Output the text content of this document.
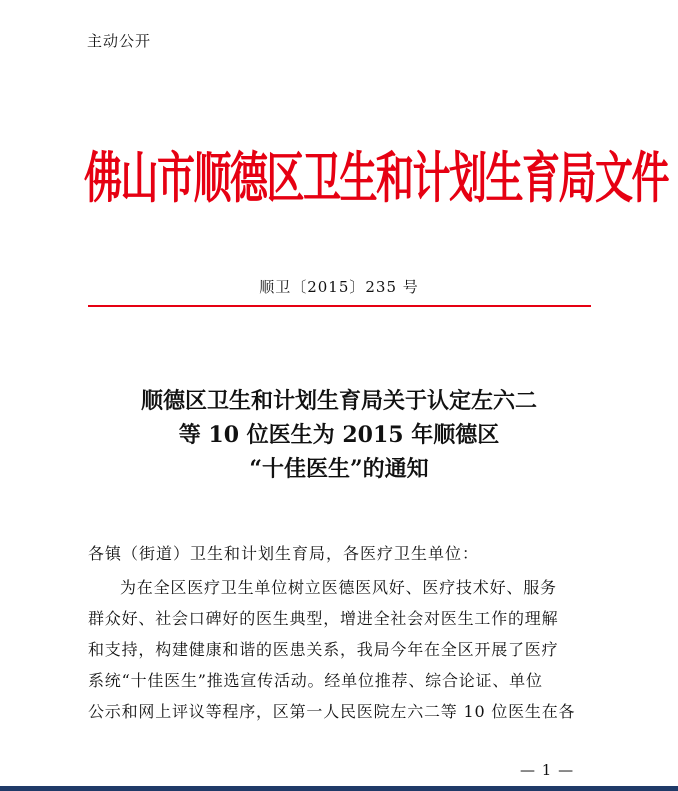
主动公开
佛山市顺德区卫生和计划生育局文件
顺卫〔2015〕235 号
顺德区卫生和计划生育局关于认定左六二
等 10 位医生为 2015 年顺德区
“十佳医生”的通知
各镇（街道）卫生和计划生育局，各医疗卫生单位：
为在全区医疗卫生单位树立医德医风好、医疗技术好、服务
群众好、社会口碑好的医生典型，增进全社会对医生工作的理解
和支持，构建健康和谐的医患关系，我局今年在全区开展了医疗
系统“十佳医生”推选宣传活动。经单位推荐、综合论证、单位
公示和网上评议等程序，区第一人民医院左六二等 10 位医生在各
— 1 —
